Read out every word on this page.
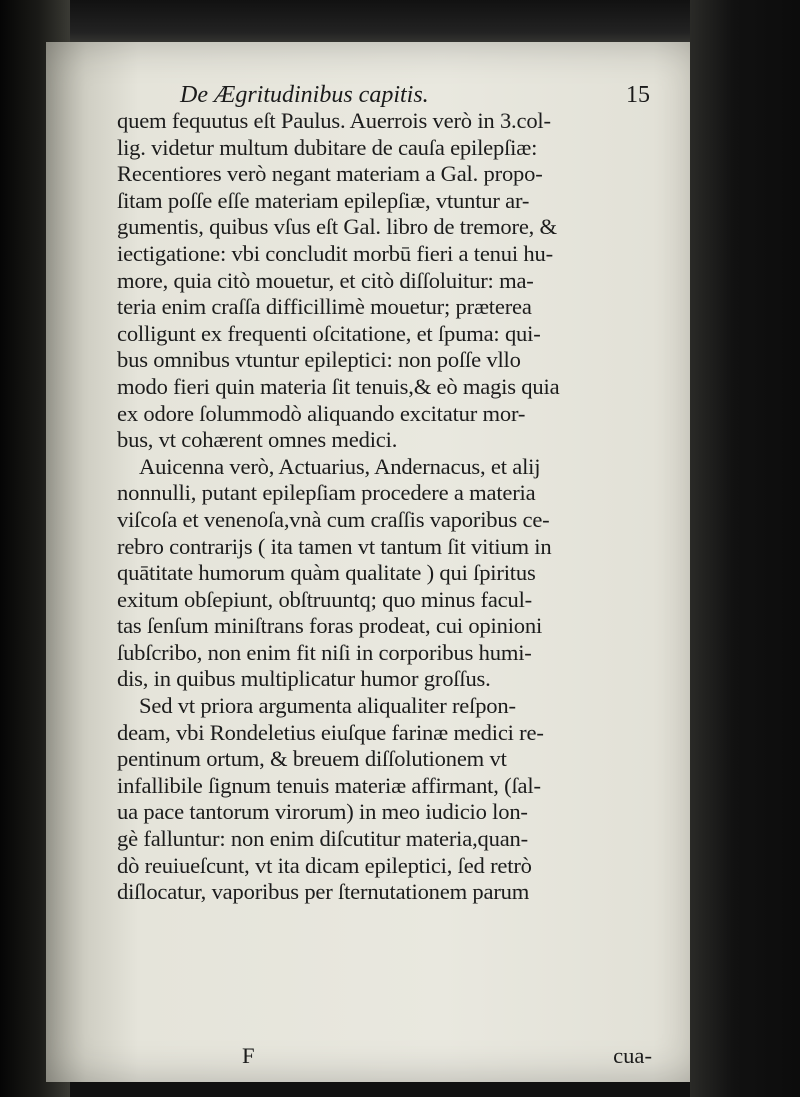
De Ægritudinibus capitis.	15
quem fequutus eſt Paulus. Auerrois verò in 3.col-
lig. videtur multum dubitare de cauſa epilepſiæ:
Recentiores verò negant materiam a Gal. propo-
ſitam poſſe eſſe materiam epilepſiæ, vtuntur ar-
gumentis, quibus vſus eſt Gal. libro de tremore, &
iectigatione: vbi concludit morbū fieri a tenui hu-
more, quia citò mouetur, et citò diſſoluitur: ma-
teria enim craſſa difficillimè mouetur; præterea
colligunt ex frequenti oſcitatione, et ſpuma: qui-
bus omnibus vtuntur epileptici: non poſſe vllo
modo fieri quin materia ſit tenuis,& eò magis quia
ex odore ſolummodò aliquando excitatur mor-
bus, vt cohærent omnes medici.
Auicenna verò, Actuarius, Andernacus, et alij
nonnulli, putant epilepſiam procedere a materia
viſcoſa et venenoſa,vnà cum craſſis vaporibus ce-
rebro contrarijs ( ita tamen vt tantum ſit vitium in
quātitate humorum quàm qualitate ) qui ſpiritus
exitum obſepiunt, obſtruuntq; quo minus facul-
tas ſenſum miniſtrans foras prodeat, cui opinioni
ſubſcribo, non enim fit niſi in corporibus humi-
dis, in quibus multiplicatur humor groſſus.
Sed vt priora argumenta aliqualiter reſpon-
deam, vbi Rondeletius eiuſque farinæ medici re-
pentinum ortum, & breuem diſſolutionem vt
infallibile ſignum tenuis materiæ affirmant, (ſal-
ua pace tantorum virorum) in meo iudicio lon-
gè falluntur: non enim diſcutitur materia,quan-
dò reuiueſcunt, vt ita dicam epileptici, ſed retrò
diſlocatur, vaporibus per ſternutationem parum
F	cua-
